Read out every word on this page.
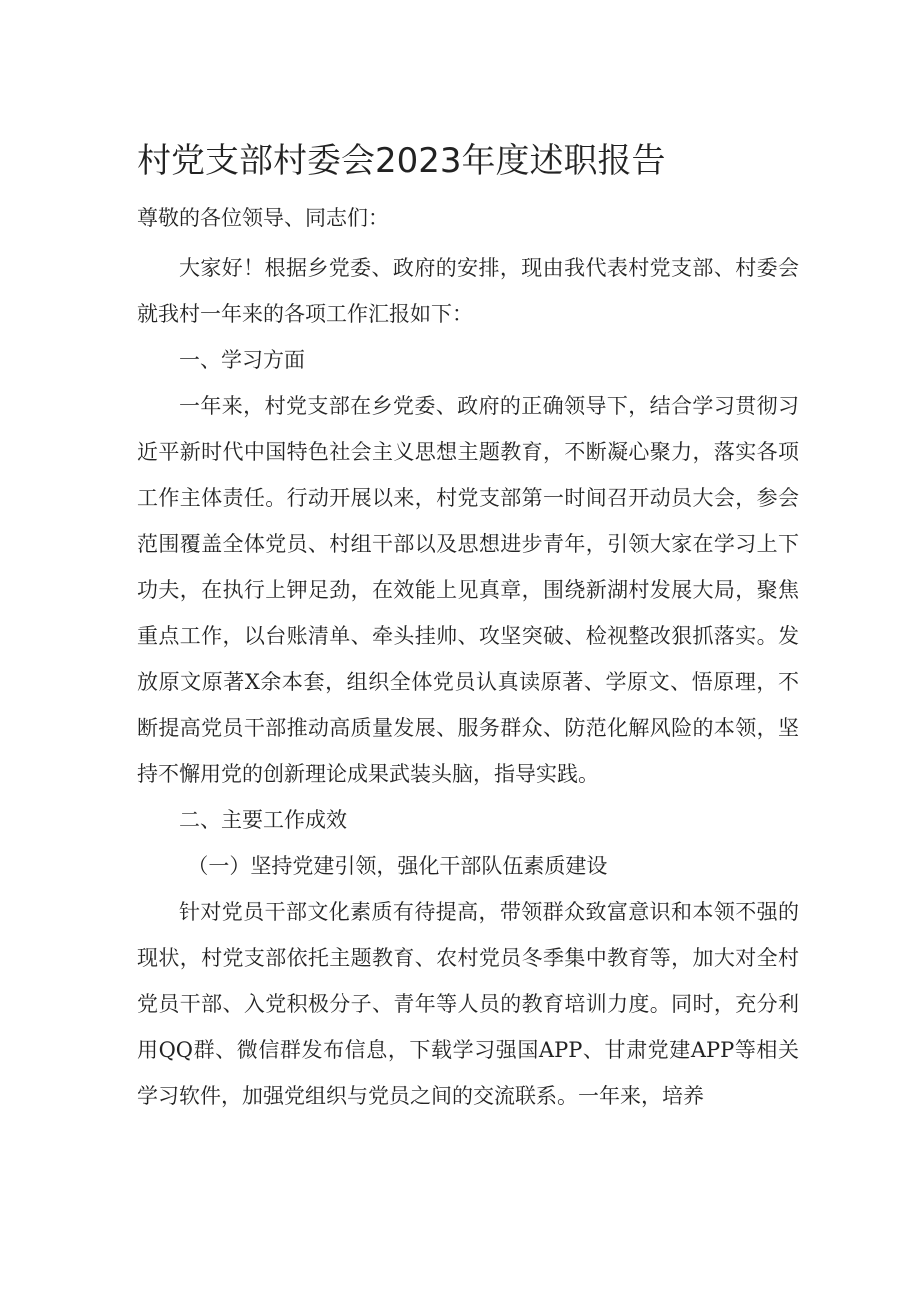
村党支部村委会2023年度述职报告

尊敬的各位领导、同志们：

大家好！根据乡党委、政府的安排，现由我代表村党支部、村委会就我村一年来的各项工作汇报如下：

一、学习方面

一年来，村党支部在乡党委、政府的正确领导下，结合学习贯彻习近平新时代中国特色社会主义思想主题教育，不断凝心聚力，落实各项工作主体责任。行动开展以来，村党支部第一时间召开动员大会，参会范围覆盖全体党员、村组干部以及思想进步青年，引领大家在学习上下功夫，在执行上钾足劲，在效能上见真章，围绕新湖村发展大局，聚焦重点工作，以台账清单、牵头挂帅、攻坚突破、检视整改狠抓落实。发放原文原著X余本套，组织全体党员认真读原著、学原文、悟原理，不断提高党员干部推动高质量发展、服务群众、防范化解风险的本领，坚持不懈用党的创新理论成果武装头脑，指导实践。

二、主要工作成效

（一）坚持党建引领，强化干部队伍素质建设

针对党员干部文化素质有待提高，带领群众致富意识和本领不强的现状，村党支部依托主题教育、农村党员冬季集中教育等，加大对全村党员干部、入党积极分子、青年等人员的教育培训力度。同时，充分利用QQ群、微信群发布信息，下载学习强国APP、甘肃党建APP等相关学习软件，加强党组织与党员之间的交流联系。一年来，培养
